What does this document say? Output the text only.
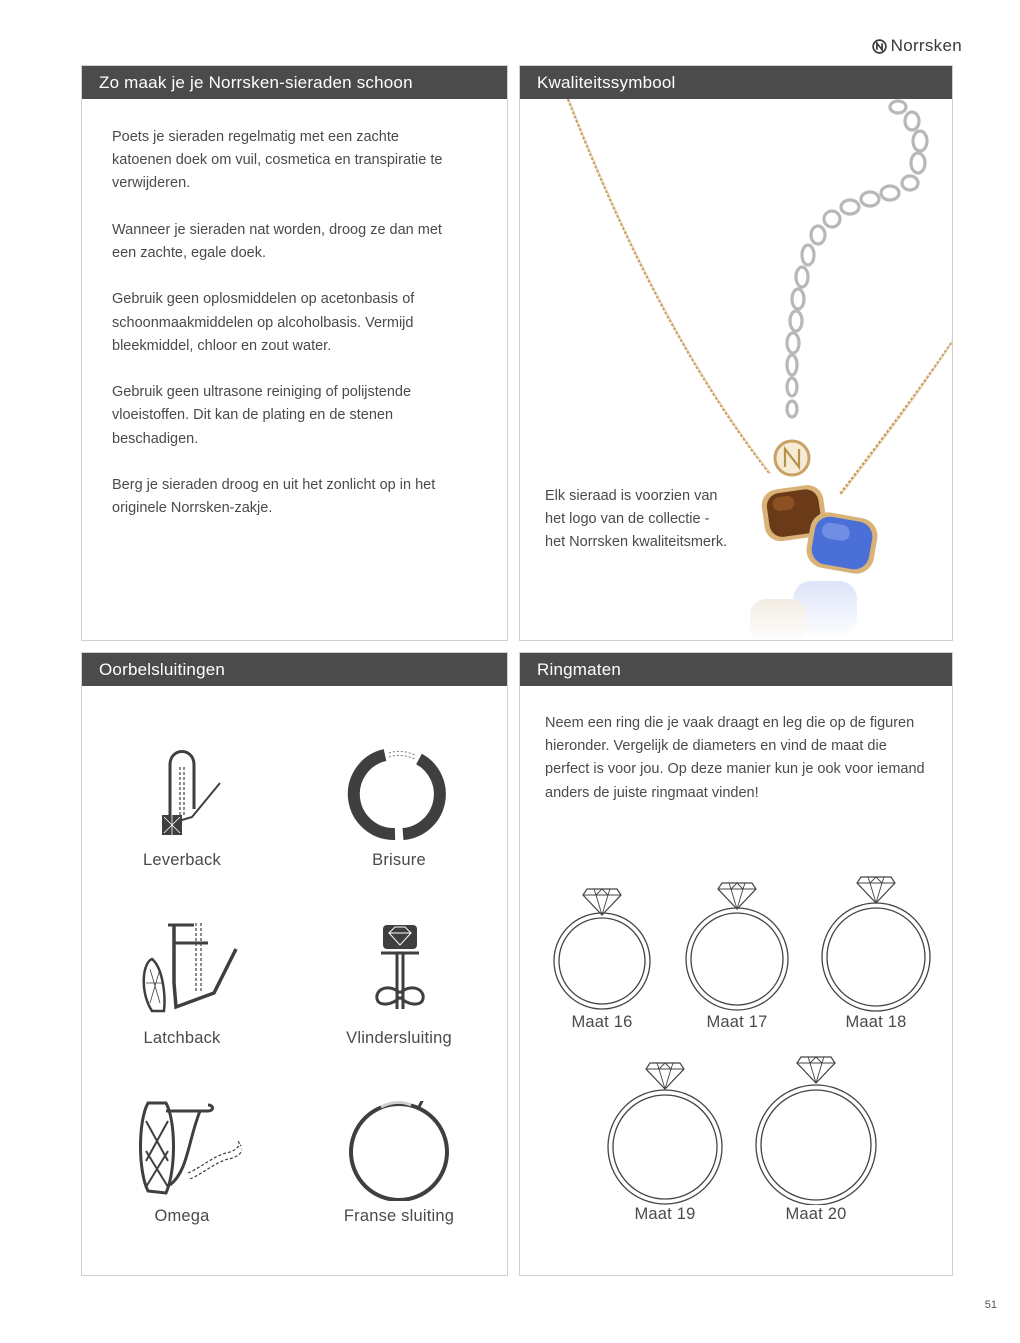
Norrsken
Zo maak je je Norrsken-sieraden schoon

Poets je sieraden regelmatig met een zachte katoenen doek om vuil, cosmetica en transpiratie te verwijderen.

Wanneer je sieraden nat worden, droog ze dan met een zachte, egale doek.

Gebruik geen oplosmiddelen op acetonbasis of schoonmaakmiddelen op alcoholbasis. Vermijd bleekmiddel, chloor en zout water.

Gebruik geen ultrasone reiniging of polijstende vloeistoffen. Dit kan de plating en de stenen beschadigen.

Berg je sieraden droog en uit het zonlicht op in het originele Norrsken-zakje.

Kwaliteitssymbool
Elk sieraad is voorzien van het logo van de collectie - het Norrsken kwaliteitsmerk.
Oorbelsluitingen
Leverback	Brisure
Latchback	Vlindersluiting
Omega	Franse sluiting
Ringmaten
Neem een ring die je vaak draagt en leg die op de figuren hieronder. Vergelijk de diameters en vind de maat die perfect is voor jou. Op deze manier kun je ook voor iemand anders de juiste ringmaat vinden!
Maat 16	Maat 17	Maat 18
Maat 19	Maat 20
51
